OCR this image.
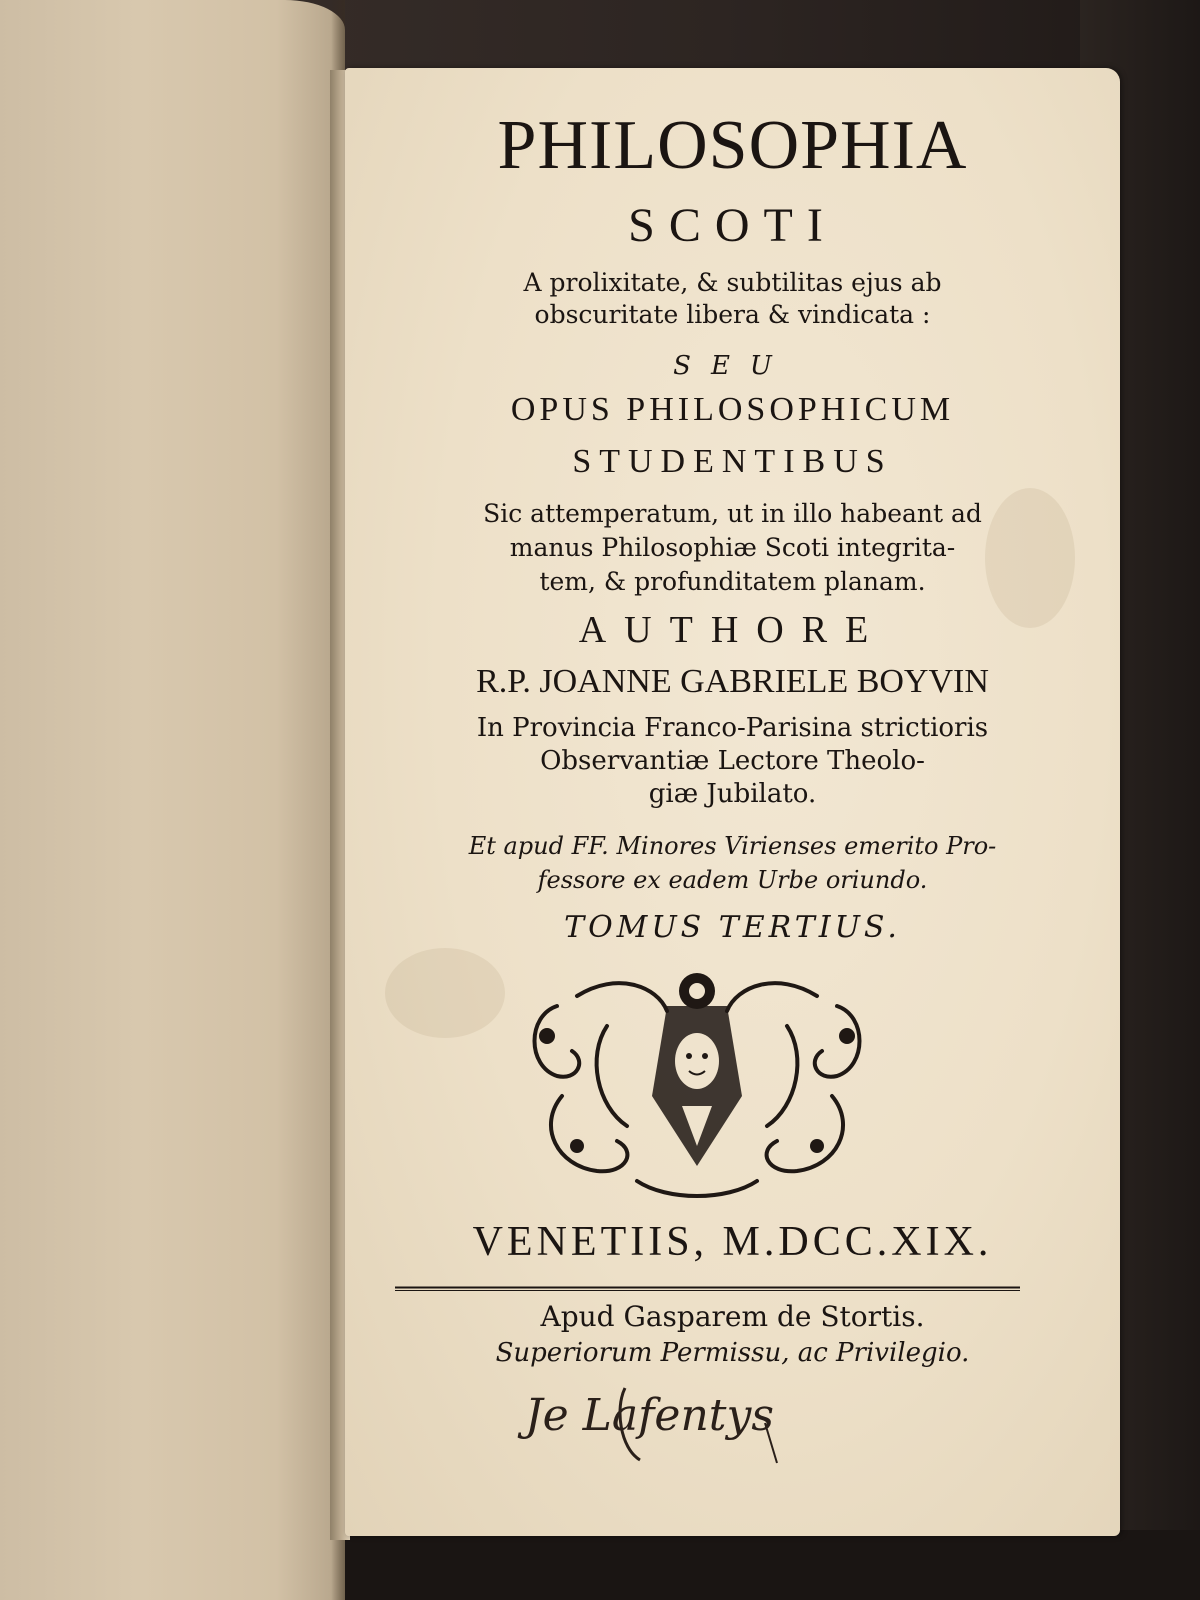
PHILOSOPHIA

SCOTI

A prolixitate, & subtilitas ejus ab

obscuritate libera & vindicata :

SEU

OPUS PHILOSOPHICUM

STUDENTIBUS

Sic attemperatum, ut in illo habeant ad

manus Philosophiæ Scoti integrita-

tem, & profunditatem planam.

AUTHORE

R.P. JOANNE GABRIELE BOYVIN

In Provincia Franco-Parisina strictioris

Observantiæ Lectore Theolo-

giæ Jubilato.

Et apud FF. Minores Virienses emerito Pro-

fessore ex eadem Urbe oriundo.

TOMUS TERTIUS.

VENETIIS, M.DCC.XIX.

Apud Gasparem de Stortis.

Superiorum Permissu, ac Privilegio.

Je Lafentys
